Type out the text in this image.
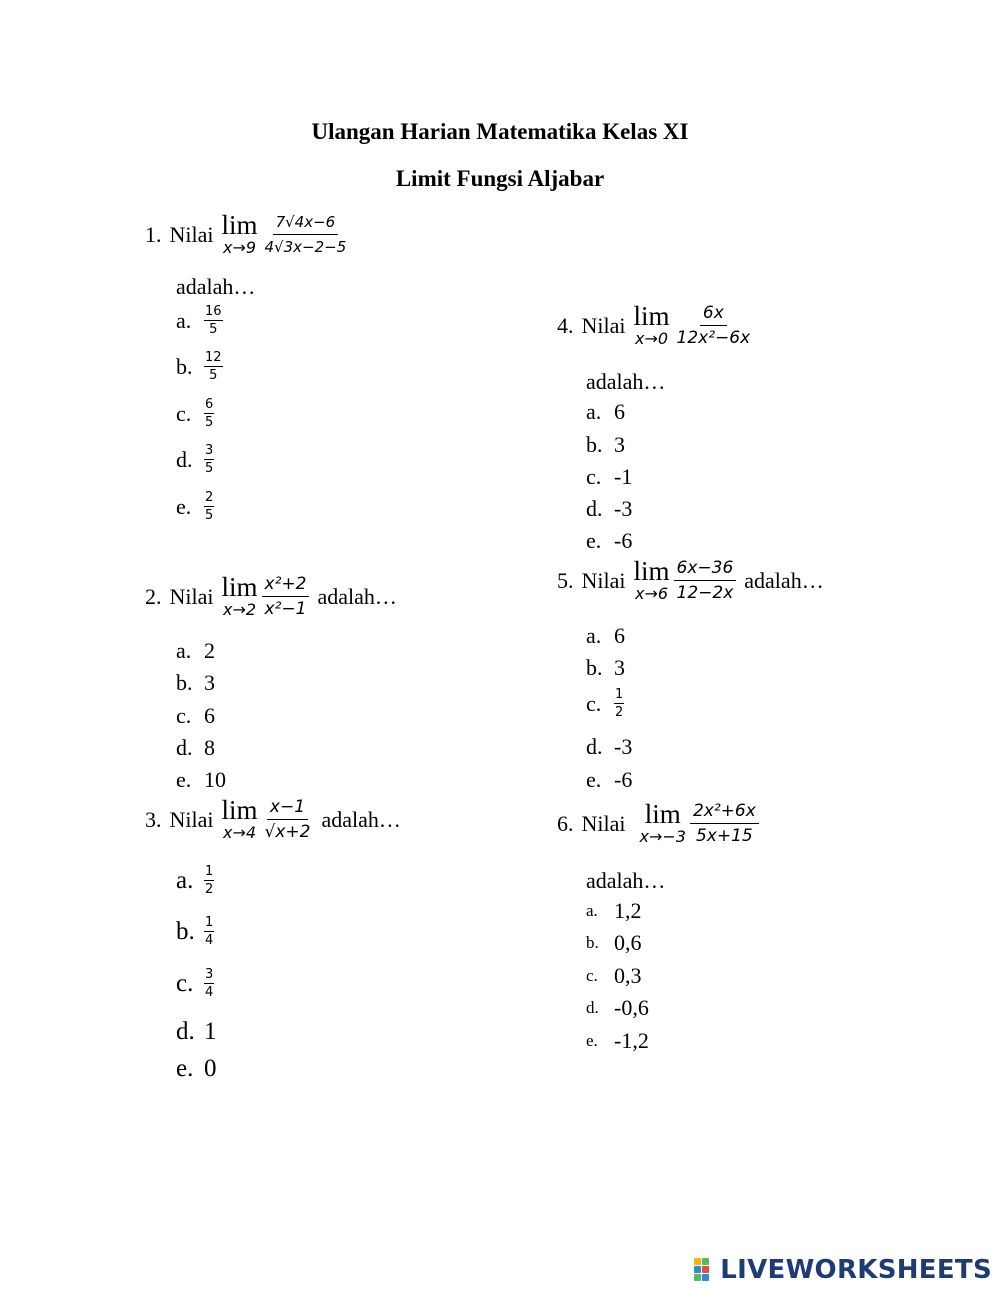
Ulangan Harian Matematika Kelas XI
Limit Fungsi Aljabar
1. Nilai lim
$x\to 9 \frac{7√4x-6}{4√3x-2-5}$
adalah…
a.	16
5
b. 12
5
c.	6
5
d. 3
5
e.	2
5
2. Nilai lim
$x\to 2 \frac{\text{x²+2}}{\text{x²−1}}$ adalah…
a. 2
b. 3
c. 6
d. 8
e. 10
3. Nilai lim
$x\to 4 \frac{x-1}{√x+2}$ adalah…
a. 1
2
b. 1
4
c. 3
4
d. 1
e. 0
4. Nilai lim
$x\to 0 \frac{6x}{\text{12x²−6x}}$
adalah…
a. 6
b. 3
c. -1
d. -3
e. -6
5. Nilai lim
$x\to 6 \frac{6x-36}{12-2x}$ adalah…
a. 6
b. 3
c.	1
2
d. -3
e. -6
6. Nilai lim
$x\to-3 \frac{\text{2x²+6x}}{5x+15}$
adalah…
a. 1,2
b. 0,6
c. 0,3
d. -0,6
e. -1,2
LIVEWORKSHEETS
